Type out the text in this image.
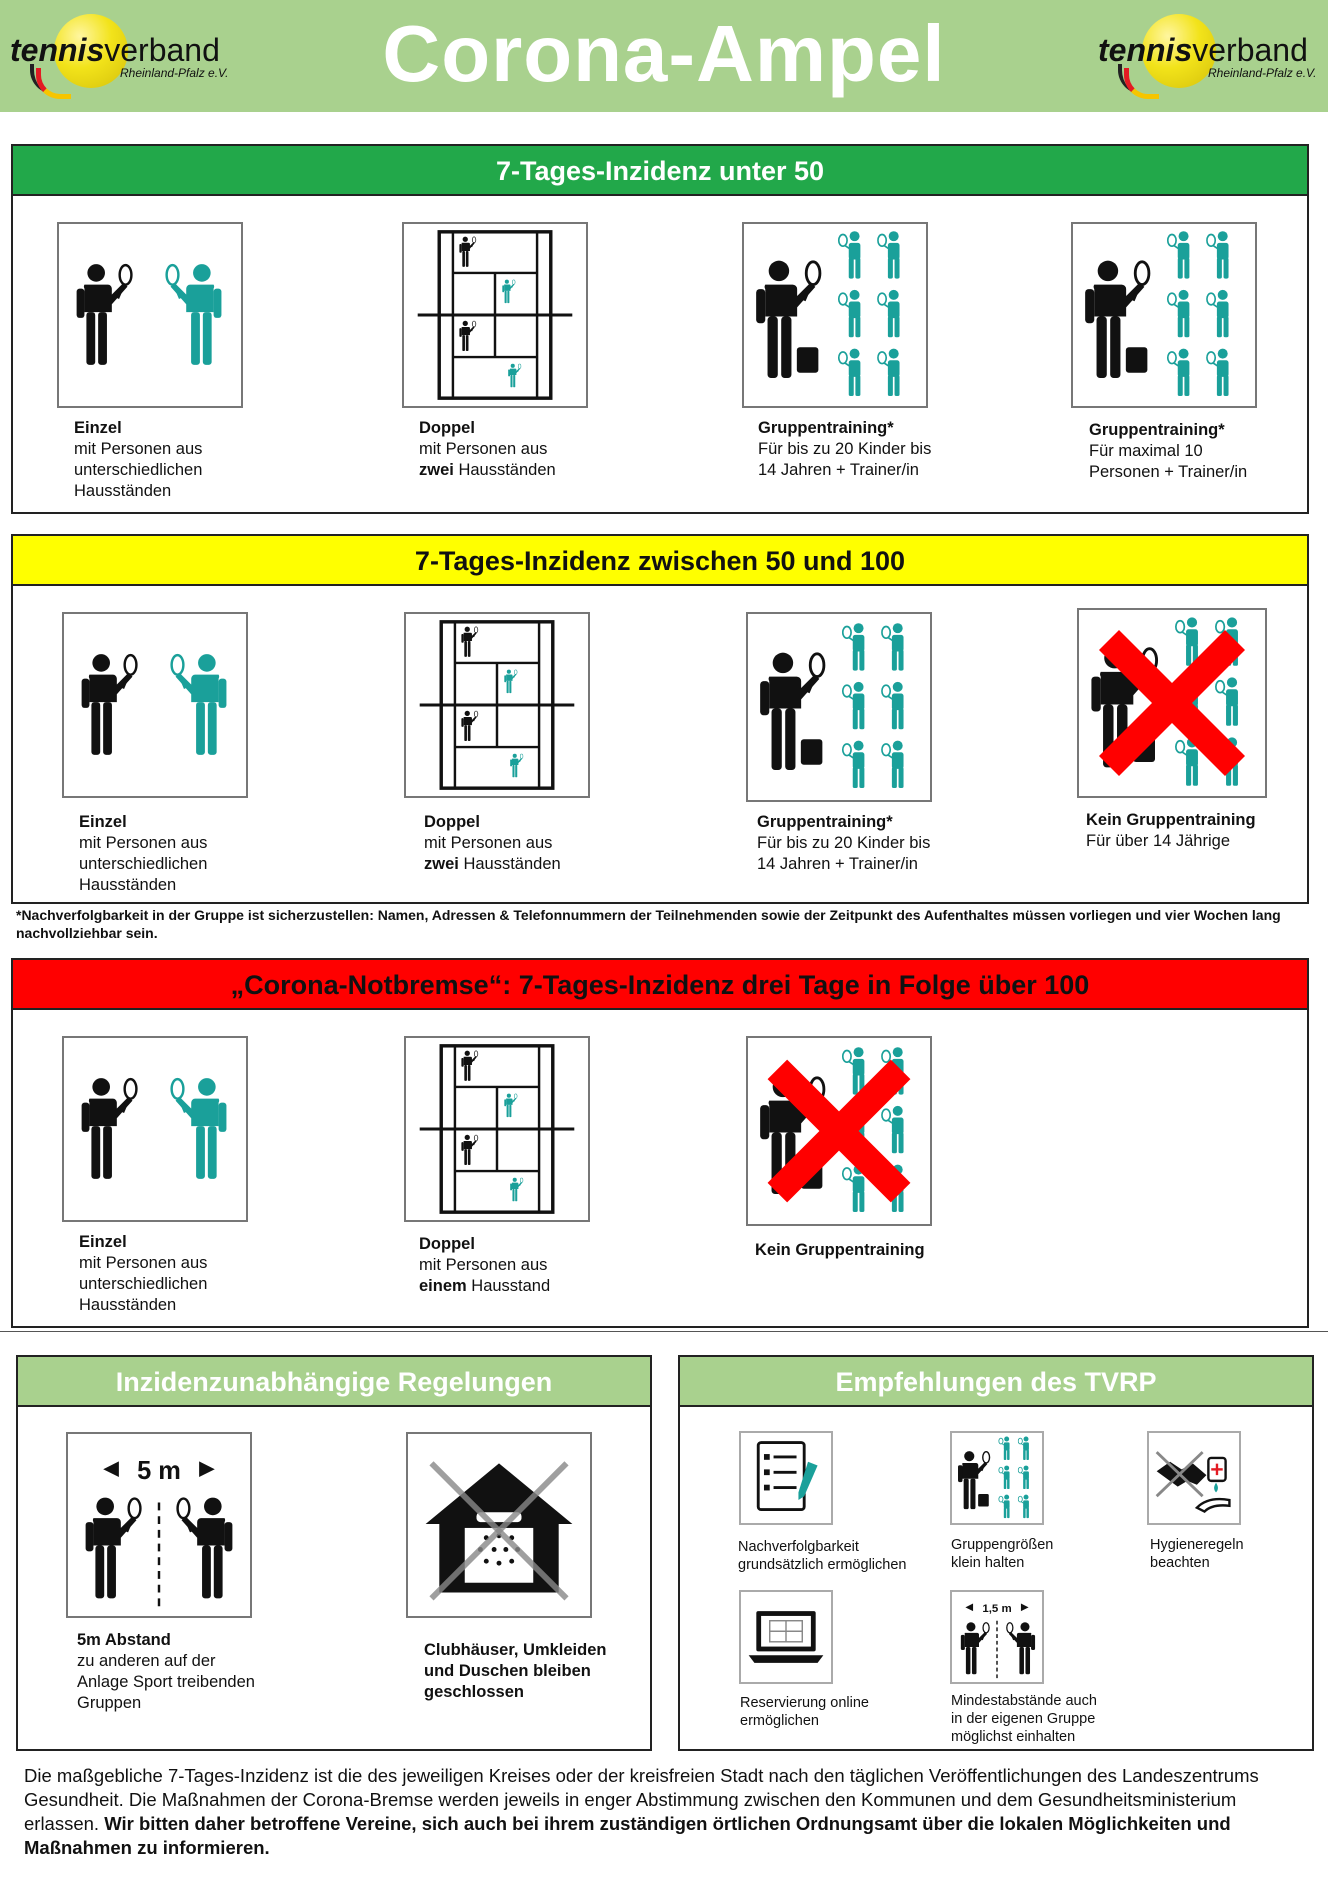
tennisverband
Rheinland-Pfalz e.V.	Corona-Ampel	tennisverband
Rheinland-Pfalz e.V.
7-Tages-Inzidenz unter 50
Einzel
mit Personen aus
unterschiedlichen
Hausständen
Doppel
mit Personen aus
zwei Hausständen
Gruppentraining*
Für bis zu 20 Kinder bis
14 Jahren + Trainer/in
Gruppentraining*
Für maximal 10
Personen + Trainer/in
7-Tages-Inzidenz zwischen 50 und 100
Einzel
mit Personen aus
unterschiedlichen
Hausständen
Doppel
mit Personen aus
zwei Hausständen
Gruppentraining*
Für bis zu 20 Kinder bis
14 Jahren + Trainer/in
Kein Gruppentraining
Für über 14 Jährige
*Nachverfolgbarkeit in der Gruppe ist sicherzustellen: Namen, Adressen & Telefonnummern der Teilnehmenden sowie der Zeitpunkt des Aufenthaltes müssen vorliegen und vier Wochen lang nachvollziehbar sein.
„Corona-Notbremse“: 7-Tages-Inzidenz drei Tage in Folge über 100
Einzel
mit Personen aus
unterschiedlichen
Hausständen
Doppel
mit Personen aus
einem Hausstand
Kein Gruppentraining
Inzidenzunabhängige Regelungen
5 m
5m Abstand
zu anderen auf der
Anlage Sport treibenden
Gruppen
Clubhäuser, Umkleiden
und Duschen bleiben
geschlossen
Empfehlungen des TVRP
Nachverfolgbarkeit
grundsätzlich ermöglichen
Gruppengrößen
klein halten
Hygieneregeln
beachten
Reservierung online
ermöglichen
1,5 m
Mindestabstände auch
in der eigenen Gruppe
möglichst einhalten
Die maßgebliche 7-Tages-Inzidenz ist die des jeweiligen Kreises oder der kreisfreien Stadt nach den täglichen Veröffentlichungen des Landeszentrums Gesundheit. Die Maßnahmen der Corona-Bremse werden jeweils in enger Abstimmung zwischen den Kommunen und dem Gesundheitsministerium erlassen. Wir bitten daher betroffene Vereine, sich auch bei ihrem zuständigen örtlichen Ordnungsamt über die lokalen Möglichkeiten und Maßnahmen zu informieren.
